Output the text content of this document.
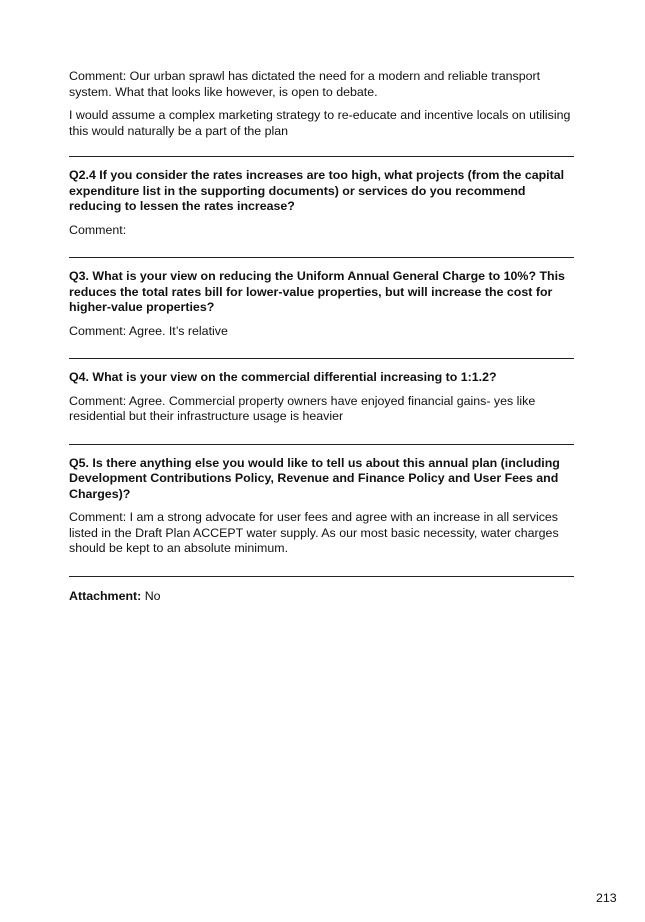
Comment: Our urban sprawl has dictated the need for a modern and reliable transport system. What that looks like however, is open to debate.

I would assume a complex marketing strategy to re-educate and incentive locals on utilising this would naturally be a part of the plan

Q2.4 If you consider the rates increases are too high, what projects (from the capital expenditure list in the supporting documents) or services do you recommend reducing to lessen the rates increase?

Comment:

Q3. What is your view on reducing the Uniform Annual General Charge to 10%? This reduces the total rates bill for lower-value properties, but will increase the cost for higher-value properties?

Comment: Agree. It’s relative

Q4. What is your view on the commercial differential increasing to 1:1.2?

Comment: Agree. Commercial property owners have enjoyed financial gains- yes like residential but their infrastructure usage is heavier

Q5. Is there anything else you would like to tell us about this annual plan (including Development Contributions Policy, Revenue and Finance Policy and User Fees and Charges)?

Comment: I am a strong advocate for user fees and agree with an increase in all services listed in the Draft Plan ACCEPT water supply. As our most basic necessity, water charges should be kept to an absolute minimum.

Attachment: No

213
